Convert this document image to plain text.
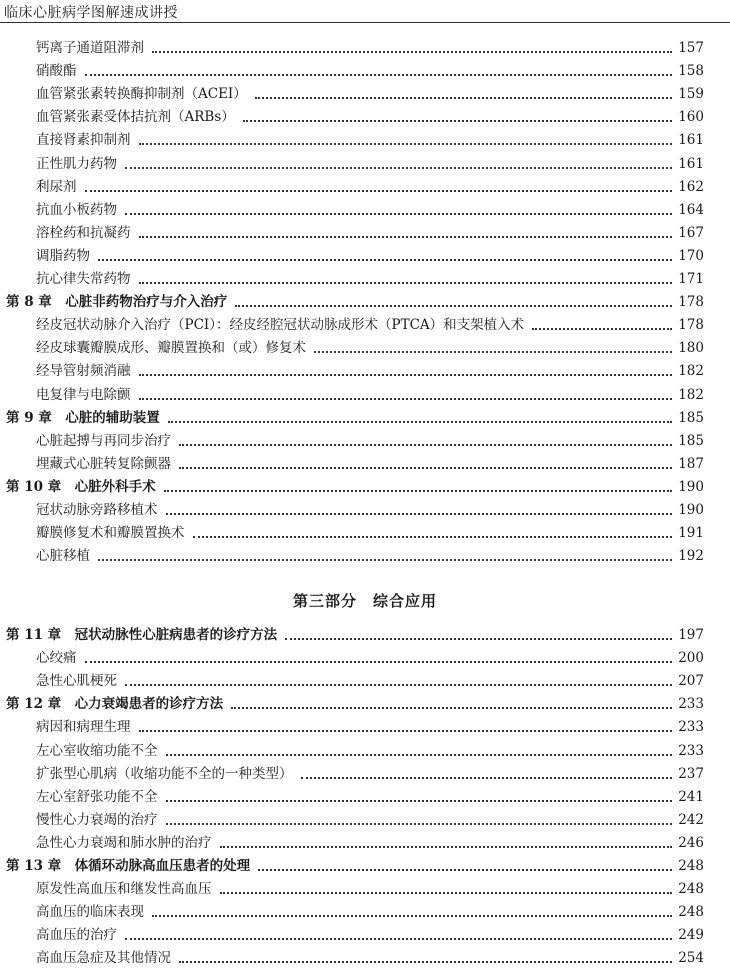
临床心脏病学图解速成讲授
钙离子通道阻滞剂	157
硝酸酯	158
血管紧张素转换酶抑制剂（ACEI）	159
血管紧张素受体拮抗剂（ARBs）	160
直接肾素抑制剂	161
正性肌力药物	161
利尿剂	162
抗血小板药物	164
溶栓药和抗凝药	167
调脂药物	170
抗心律失常药物	171
第 8 章　心脏非药物治疗与介入治疗	178
经皮冠状动脉介入治疗（PCI）：经皮经腔冠状动脉成形术（PTCA）和支架植入术	178
经皮球囊瓣膜成形、瓣膜置换和（或）修复术	180
经导管射频消融	182
电复律与电除颤	182
第 9 章　心脏的辅助装置	185
心脏起搏与再同步治疗	185
埋藏式心脏转复除颤器	187
第 10 章　心脏外科手术	190
冠状动脉旁路移植术	190
瓣膜修复术和瓣膜置换术	191
心脏移植	192
第 11 章　冠状动脉性心脏病患者的诊疗方法	197
心绞痛	200
急性心肌梗死	207
第 12 章　心力衰竭患者的诊疗方法	233
病因和病理生理	233
左心室收缩功能不全	233
扩张型心肌病（收缩功能不全的一种类型）	237
左心室舒张功能不全	241
慢性心力衰竭的治疗	242
急性心力衰竭和肺水肿的治疗	246
第 13 章　体循环动脉高血压患者的处理	248
原发性高血压和继发性高血压	248
高血压的临床表现	248
高血压的治疗	249
高血压急症及其他情况	254
第三部分　综合应用
